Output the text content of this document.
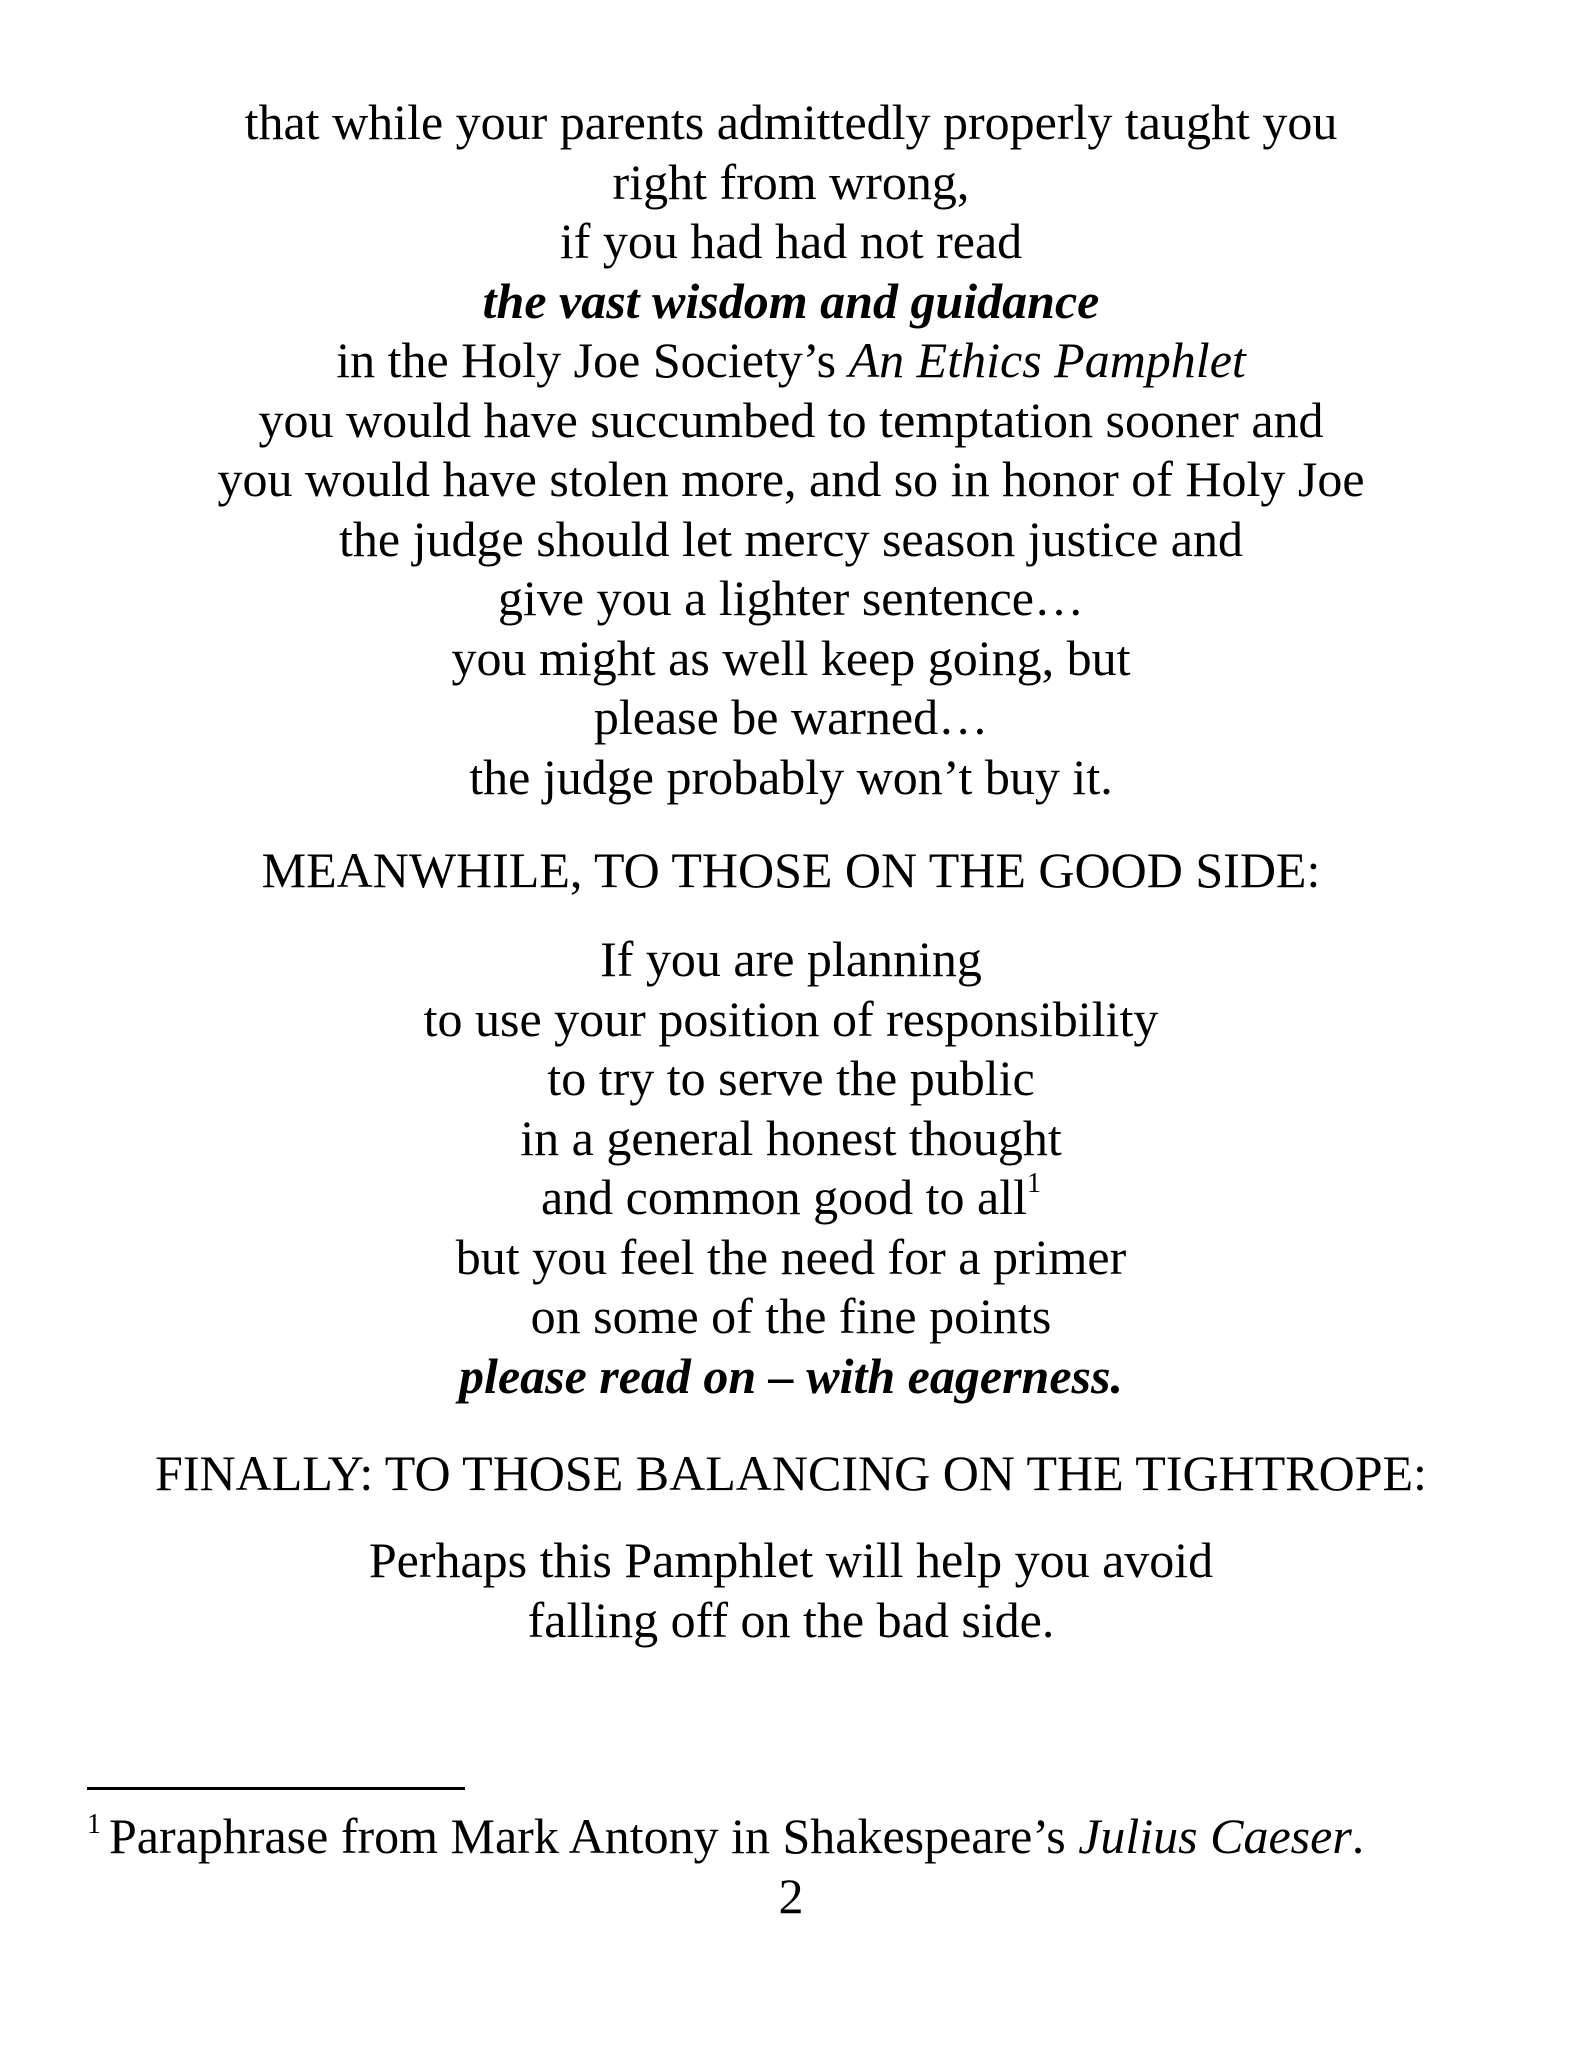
that while your parents admittedly properly taught you
right from wrong,
if you had had not read
the vast wisdom and guidance
in the Holy Joe Society’s An Ethics Pamphlet
you would have succumbed to temptation sooner and
you would have stolen more, and so in honor of Holy Joe
the judge should let mercy season justice and
give you a lighter sentence…
you might as well keep going, but
please be warned…
the judge probably won’t buy it.
MEANWHILE, TO THOSE ON THE GOOD SIDE:
If you are planning
to use your position of responsibility
to try to serve the public
in a general honest thought
and common good to all$^1$
but you feel the need for a primer
on some of the fine points
please read on – with eagerness.
FINALLY: TO THOSE BALANCING ON THE TIGHTROPE:
Perhaps this Pamphlet will help you avoid
falling off on the bad side.
$^1$ Paraphrase from Mark Antony in Shakespeare’s Julius Caeser.
2
